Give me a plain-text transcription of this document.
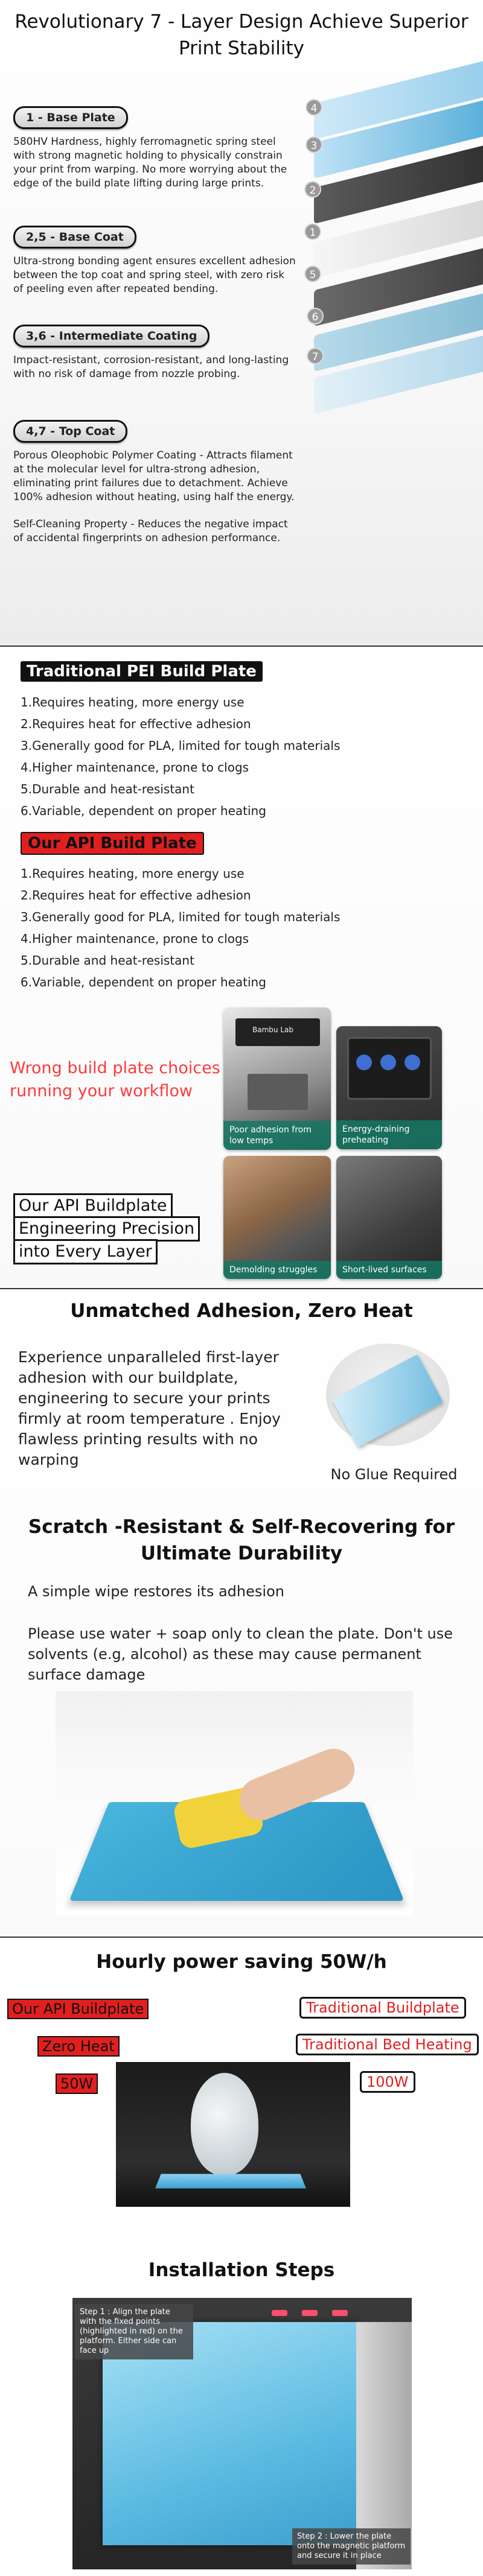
Revolutionary 7 - Layer Design Achieve Superior Print Stability
1 - Base Plate
580HV Hardness, highly ferromagnetic spring steel with strong magnetic holding to physically constrain your print from warping. No more worrying about the edge of the build plate lifting during large prints.
2,5 - Base Coat
Ultra-strong bonding agent ensures excellent adhesion between the top coat and spring steel, with zero risk of peeling even after repeated bending.
3,6 - Intermediate Coating
Impact-resistant, corrosion-resistant, and long-lasting with no risk of damage from nozzle probing.
4,7 - Top Coat
Porous Oleophobic Polymer Coating - Attracts filament at the molecular level for ultra-strong adhesion, eliminating print failures due to detachment. Achieve 100% adhesion without heating, using half the energy.
Self-Cleaning Property - Reduces the negative impact of accidental fingerprints on adhesion performance.
4
3
2
1
5
6
7
Traditional PEI Build Plate
1.Requires heating, more energy use
2.Requires heat for effective adhesion
3.Generally good for PLA, limited for tough materials
4.Higher maintenance, prone to clogs
5.Durable and heat-resistant
6.Variable, dependent on proper heating
Our API Build Plate
1.Requires heating, more energy use
2.Requires heat for effective adhesion
3.Generally good for PLA, limited for tough materials
4.Higher maintenance, prone to clogs
5.Durable and heat-resistant
6.Variable, dependent on proper heating
Wrong build plate choices running your workflow
Our API Buildplate
Engineering Precision
into Every Layer
Bambu Lab
Poor adhesion from low temps
Energy-draining preheating
Demolding struggles	Short-lived surfaces
Unmatched Adhesion, Zero Heat
Experience unparalleled first-layer adhesion with our buildplate, engineering to secure your prints firmly at room temperature . Enjoy flawless printing results with no warping
No Glue Required
Scratch -Resistant & Self-Recovering for Ultimate Durability
A simple wipe restores its adhesion
Please use water + soap only to clean the plate. Don't use solvents (e.g, alcohol) as these may cause permanent surface damage
Hourly power saving 50W/h
Our API Buildplate
Zero Heat
50W
Traditional Buildplate
Traditional Bed Heating
100W
Installation Steps
Step 1 : Align the plate with the fixed points (highlighted in red) on the platform. Either side can face up
Step 2 : Lower the plate onto the magnetic platform and secure it in place
